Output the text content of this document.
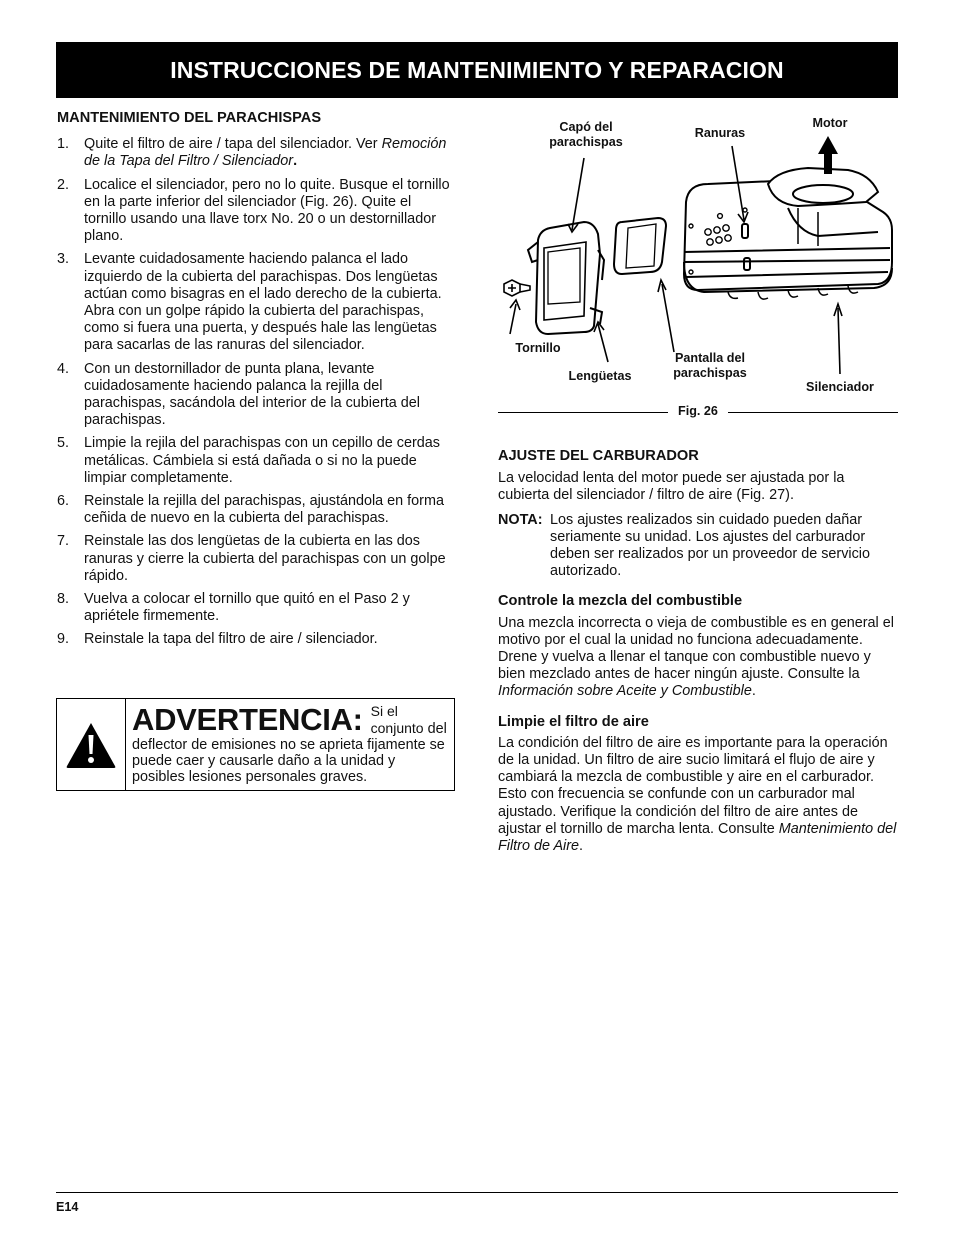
INSTRUCCIONES DE MANTENIMIENTO Y REPARACION
MANTENIMIENTO DEL PARACHISPAS
1. Quite el filtro de aire / tapa del silenciador. Ver Remoción de la Tapa del Filtro / Silenciador.
2. Localice el silenciador, pero no lo quite. Busque el tornillo en la parte inferior del silenciador (Fig. 26). Quite el tornillo usando una llave torx No. 20 o un destornillador plano.
3. Levante cuidadosamente haciendo palanca el lado izquierdo de la cubierta del parachispas. Dos lengüetas actúan como bisagras en el lado derecho de la cubierta. Abra con un golpe rápido la cubierta del parachispas, como si fuera una puerta, y después hale las lengüetas para sacarlas de las ranuras del silenciador.
4. Con un destornillador de punta plana, levante cuidadosamente haciendo palanca la rejilla del parachispas, sacándola del interior de la cubierta del parachispas.
5. Limpie la rejila del parachispas con un cepillo de cerdas metálicas. Cámbiela si está dañada o si no la puede limpiar completamente.
6. Reinstale la rejilla del parachispas, ajustándola en forma ceñida de nuevo en la cubierta del parachispas.
7. Reinstale las dos lengüetas de la cubierta en las dos ranuras y cierre la cubierta del parachispas con un golpe rápido.
8. Vuelva a colocar el tornillo que quitó en el Paso 2 y apriétele firmemente.
9. Reinstale la tapa del filtro de aire / silenciador.
ADVERTENCIA: Si el conjunto del deflector de emisiones no se aprieta fijamente se puede caer y causarle daño a la unidad y posibles lesiones personales graves.
Capó del parachispas
Ranuras
Motor
Tornillo
Lengüetas
Pantalla del parachispas
Silenciador
Fig. 26
AJUSTE DEL CARBURADOR

La velocidad lenta del motor puede ser ajustada por la cubierta del silenciador / filtro de aire (Fig. 27).

NOTA: Los ajustes realizados sin cuidado pueden dañar seriamente su unidad. Los ajustes del carburador deben ser realizados por un proveedor de servicio autorizado.
Controle la mezcla del combustible

Una mezcla incorrecta o vieja de combustible es en general el motivo por el cual la unidad no funciona adecuadamente. Drene y vuelva a llenar el tanque con combustible nuevo y bien mezclado antes de hacer ningún ajuste. Consulte la Información sobre Aceite y Combustible.

Limpie el filtro de aire

La condición del filtro de aire es importante para la operación de la unidad. Un filtro de aire sucio limitará el flujo de aire y cambiará la mezcla de combustible y aire en el carburador. Esto con frecuencia se confunde con un carburador mal ajustado. Verifique la condición del filtro de aire antes de ajustar el tornillo de marcha lenta. Consulte Mantenimiento del Filtro de Aire.

E14
